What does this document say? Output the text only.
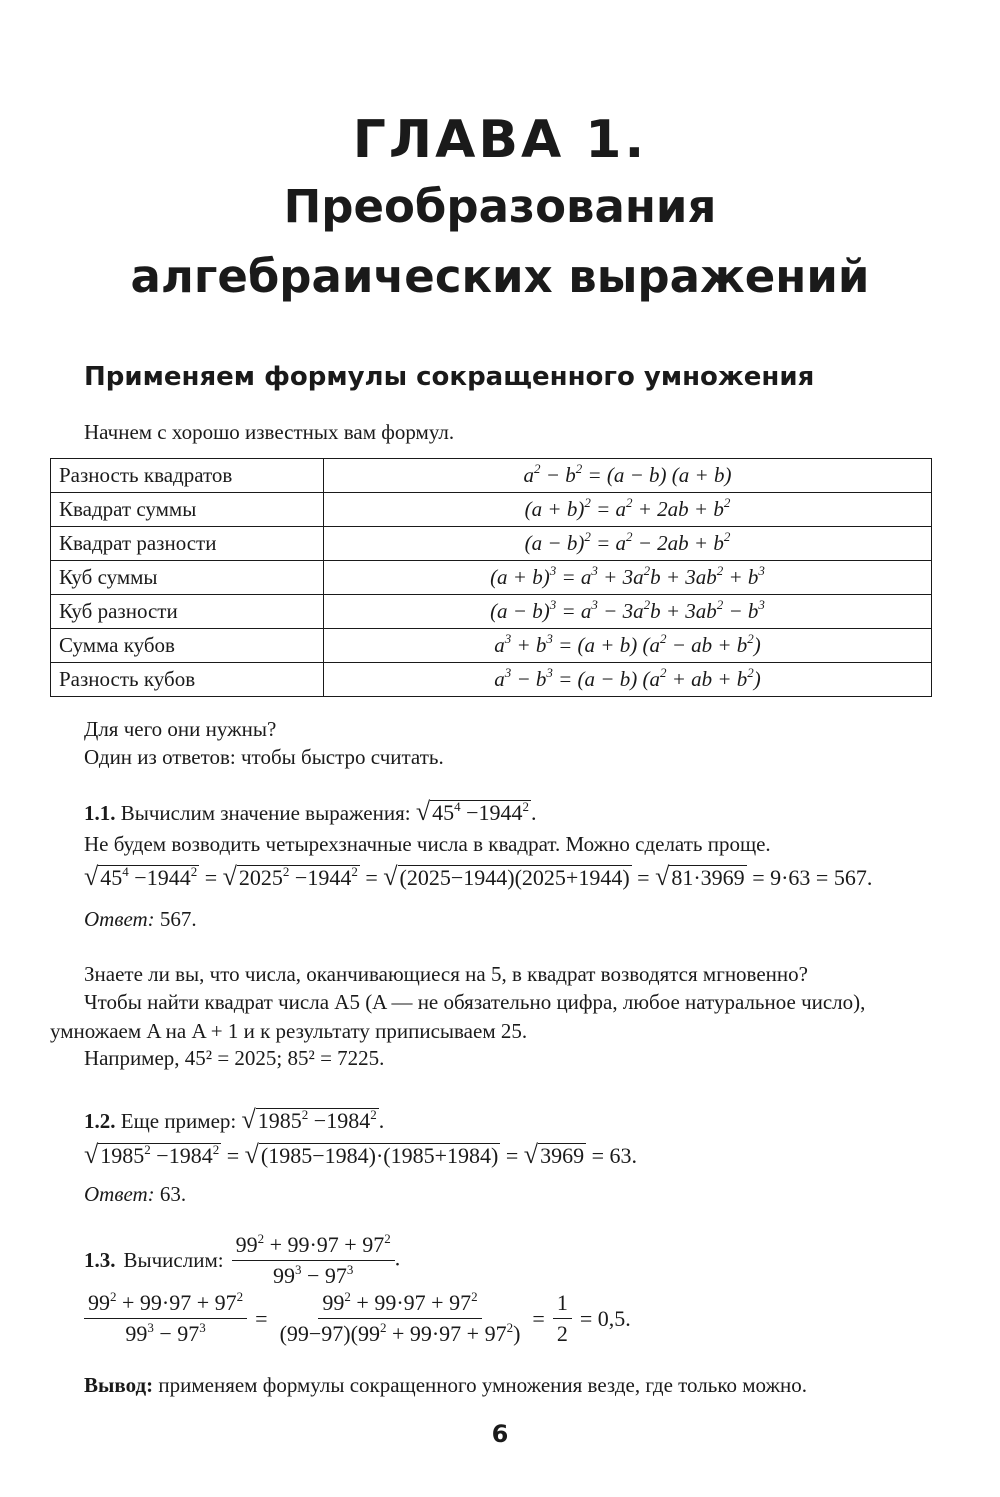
ГЛАВА 1.
Преобразования
алгебраических выражений
Применяем формулы сокращенного умножения
Начнем с хорошо известных вам формул.
Разность квадратов	$a^2 - b^2 = (a - b) (a + b)$
Квадрат суммы	$(a + b)^2 = a^2 + 2ab + b^2$
Квадрат разности	$(a - b)^2 = a^2 - 2ab + b^2$
Куб суммы	$(a + b)^3 = a^3 + 3a^2b + 3ab^2 + b^3$
Куб разности	$(a - b)^3 = a^3 - 3a^2b + 3ab^2 - b^3$
Сумма кубов	$a^3 + b^3 = (a + b) (a^2$ − ab + $b^2$)
Разность кубов	$a^3 - b^3 = (a - b) (a^2$ + ab + $b^2$)
Для чего они нужны?
Один из ответов: чтобы быстро считать.
1.1. Вычислим значение выражения: $√45^4 -1944^2$.
Не будем возводить четырехзначные числа в квадрат. Можно сделать проще.
$√45^4 -1944^2 = √2025^2 -1944^2 = √(2025-1944)(2025+1944) = √81\cdot 3969 = 9\cdot 63 = 567$.
Ответ: 567.
Знаете ли вы, что числа, оканчивающиеся на 5, в квадрат возводятся мгновенно?
Чтобы найти квадрат числа A5 (A — не обязательно цифра, любое натуральное число),
умножаем A на A + 1 и к результату приписываем 25.
Например, 45² = 2025; 85² = 7225.
1.2. Еще пример: $√1985^2 -1984^2$.
$√1985^2 -1984^2 = √(1985-1984)\cdot(1985+1984) = √3969 = 63$.
Ответ: 63.
1.3. Вычислим: $\frac{99^2 + 99\cdot 97 + 97^2}{99^3 - 97^3}$ .
$\frac{99^2 + 99\cdot 97 + 97^2}{99^3 - 97^3} = \frac{99^2 + 99\cdot 97 + 97^2}{(99-97)(99^2 + 99\cdot 97 + 97^2)} = \frac{1}{2} = 0,5$.
Вывод: применяем формулы сокращенного умножения везде, где только можно.
6
